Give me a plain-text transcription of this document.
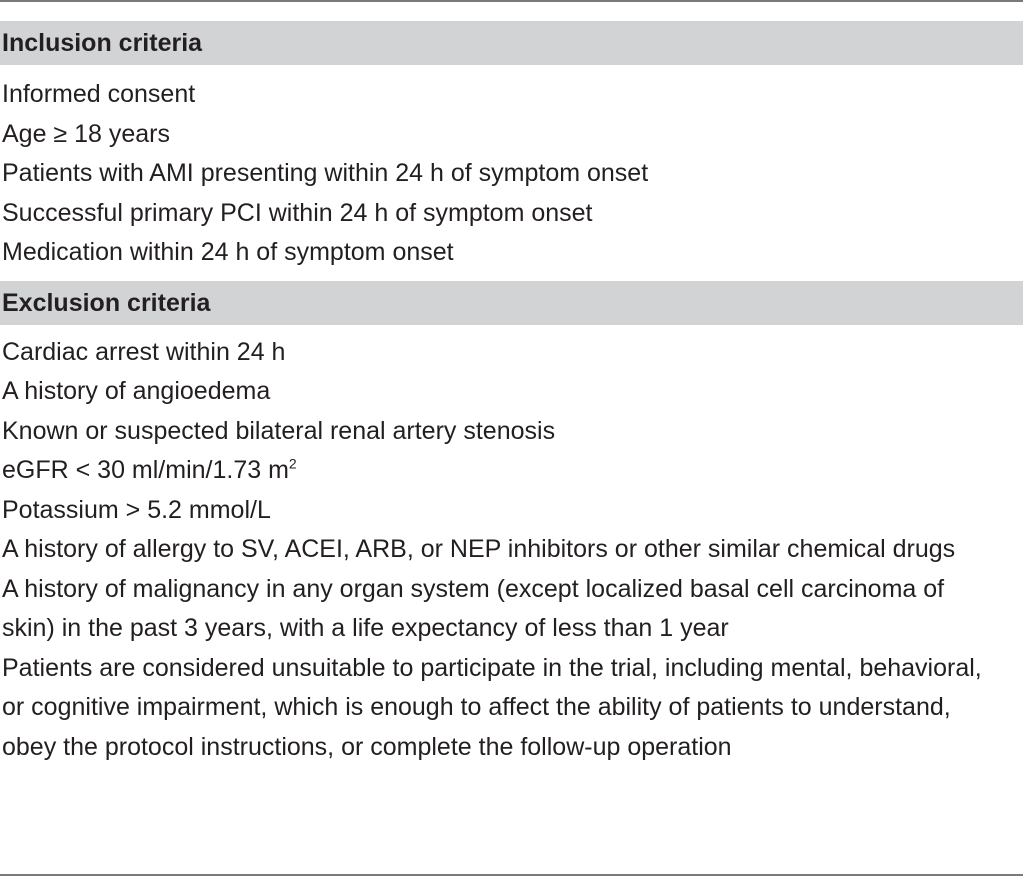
Inclusion criteria
Informed consent
Age ≥ 18 years
Patients with AMI presenting within 24 h of symptom onset
Successful primary PCI within 24 h of symptom onset
Medication within 24 h of symptom onset
Exclusion criteria
Cardiac arrest within 24 h
A history of angioedema
Known or suspected bilateral renal artery stenosis
eGFR < 30 ml/min/1.73 $m^2$
Potassium > 5.2 mmol/L
A history of allergy to SV, ACEI, ARB, or NEP inhibitors or other similar chemical drugs
A history of malignancy in any organ system (except localized basal cell carcinoma of skin) in the past 3 years, with a life expectancy of less than 1 year
Patients are considered unsuitable to participate in the trial, including mental, behavioral, or cognitive impairment, which is enough to affect the ability of patients to understand, obey the protocol instructions, or complete the follow-up operation
